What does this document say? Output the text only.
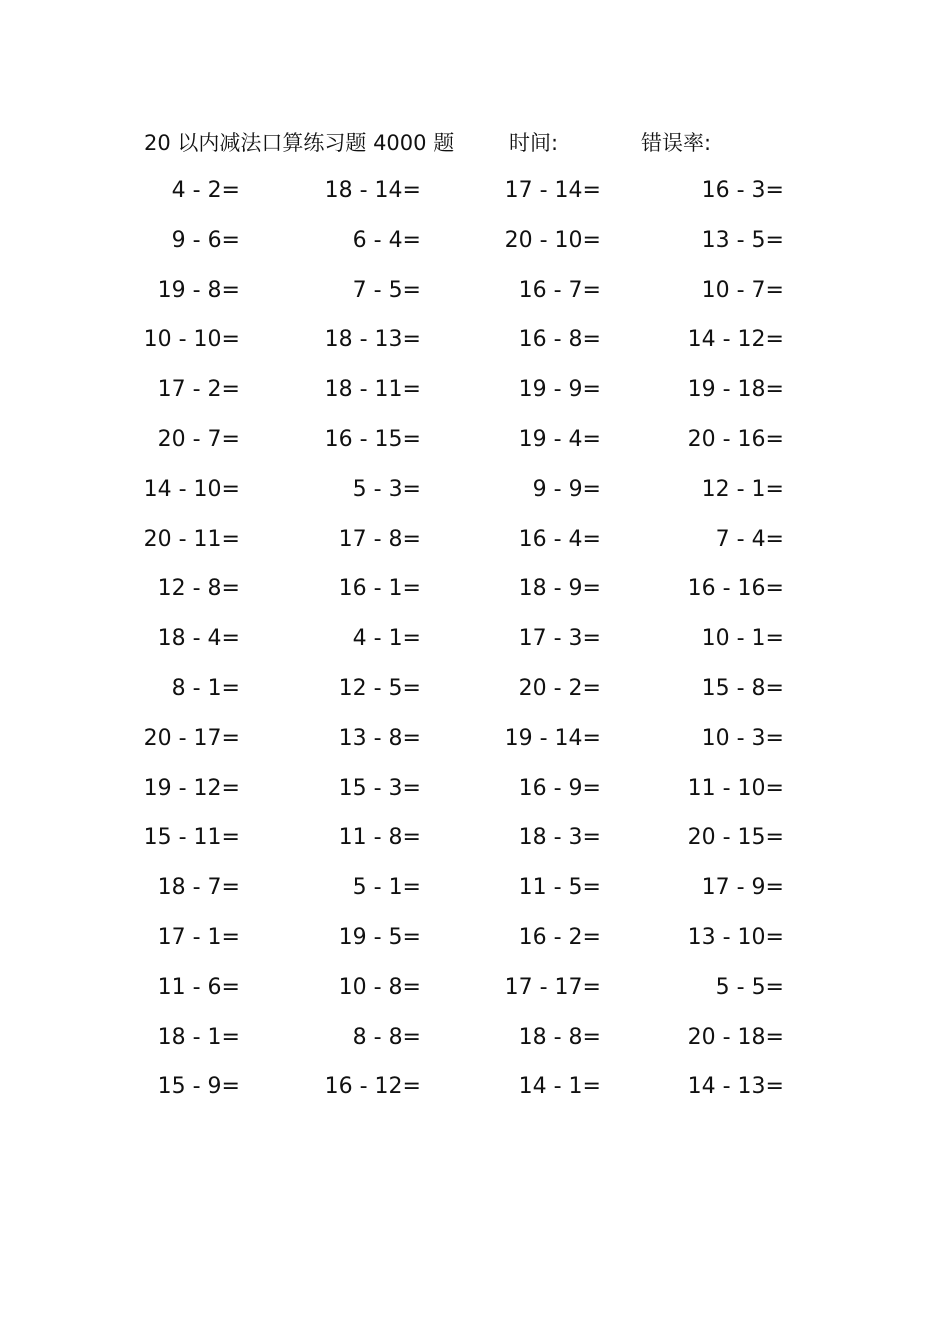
20 以内减法口算练习题 4000 题	时间:	错误率:
4 - 2=	18 - 14=	17 - 14=	16 - 3=
9 - 6=	6 - 4=	20 - 10=	13 - 5=
19 - 8=	7 - 5=	16 - 7=	10 - 7=
10 - 10=	18 - 13=	16 - 8=	14 - 12=
17 - 2=	18 - 11=	19 - 9=	19 - 18=
20 - 7=	16 - 15=	19 - 4=	20 - 16=
14 - 10=	5 - 3=	9 - 9=	12 - 1=
20 - 11=	17 - 8=	16 - 4=	7 - 4=
12 - 8=	16 - 1=	18 - 9=	16 - 16=
18 - 4=	4 - 1=	17 - 3=	10 - 1=
8 - 1=	12 - 5=	20 - 2=	15 - 8=
20 - 17=	13 - 8=	19 - 14=	10 - 3=
19 - 12=	15 - 3=	16 - 9=	11 - 10=
15 - 11=	11 - 8=	18 - 3=	20 - 15=
18 - 7=	5 - 1=	11 - 5=	17 - 9=
17 - 1=	19 - 5=	16 - 2=	13 - 10=
11 - 6=	10 - 8=	17 - 17=	5 - 5=
18 - 1=	8 - 8=	18 - 8=	20 - 18=
15 - 9=	16 - 12=	14 - 1=	14 - 13=
